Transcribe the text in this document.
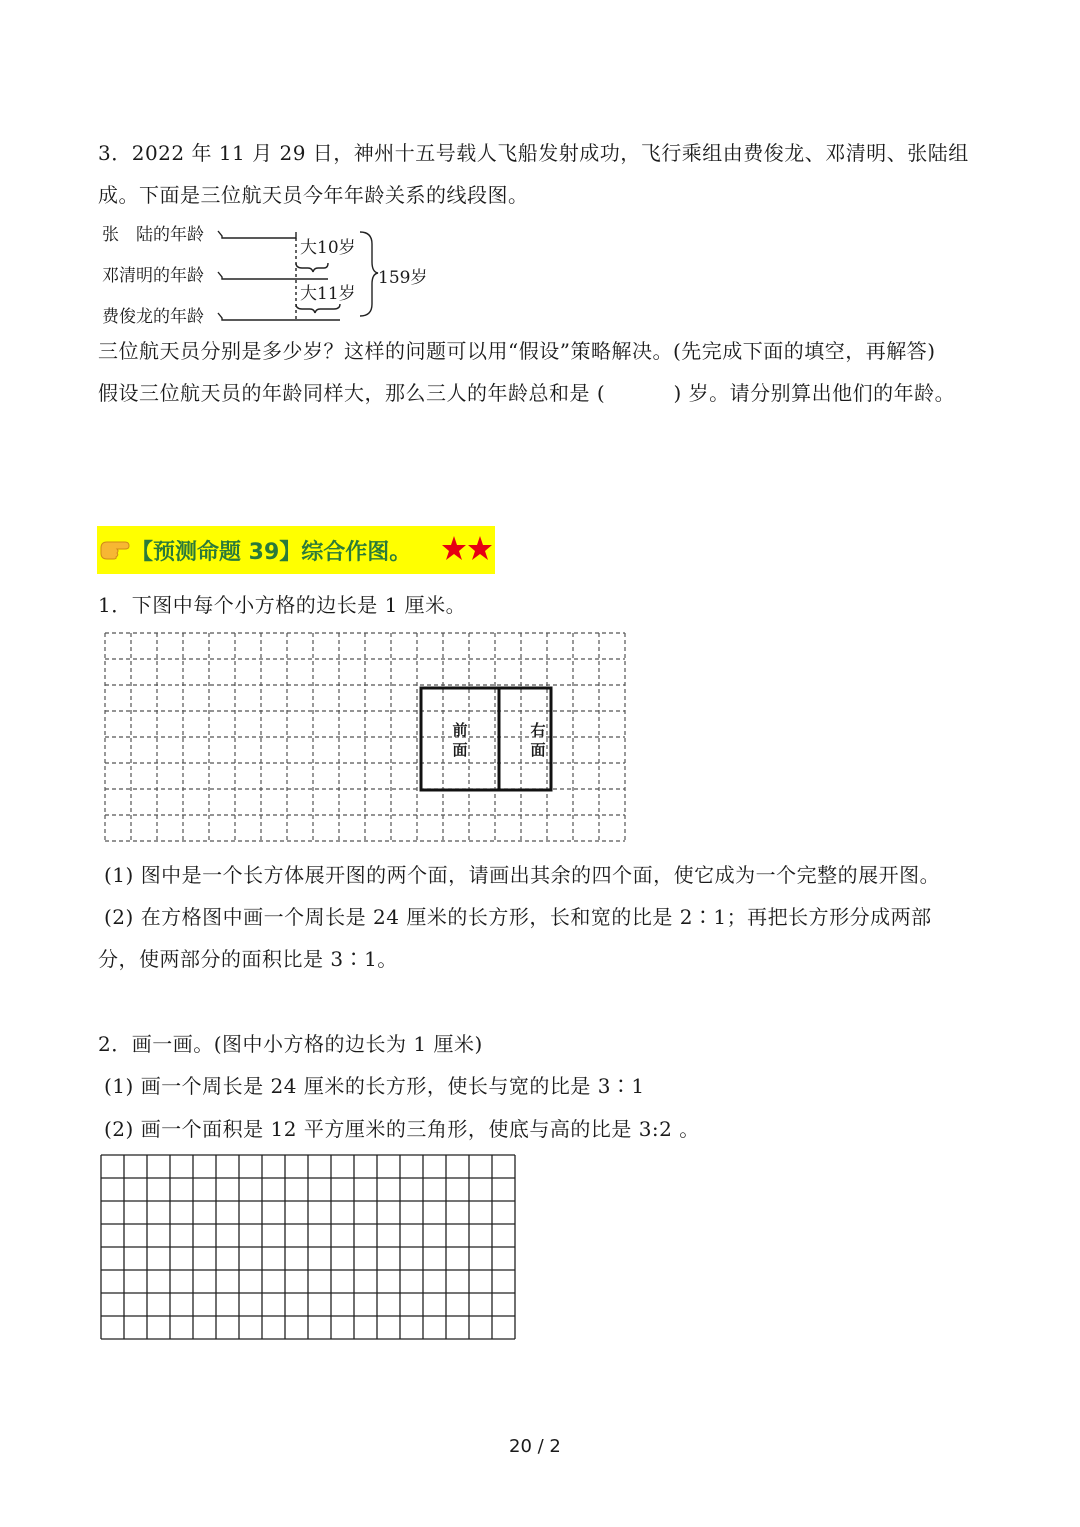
3．2022 年 11 月 29 日，神州十五号载人飞船发射成功，飞行乘组由费俊龙、邓清明、张陆组
成。下面是三位航天员今年年龄关系的线段图。
张　陆的年龄
邓清明的年龄
费俊龙的年龄
大10岁
大11岁
159岁
三位航天员分别是多少岁？这样的问题可以用“假设”策略解决。(先完成下面的填空，再解答)
假设三位航天员的年龄同样大，那么三人的年龄总和是 (　　　 ) 岁。请分别算出他们的年龄。
【预测命题 39】综合作图。
1．下图中每个小方格的边长是 1 厘米。
前
面
右
面
(1) 图中是一个长方体展开图的两个面，请画出其余的四个面，使它成为一个完整的展开图。
(2) 在方格图中画一个周长是 24 厘米的长方形，长和宽的比是 2∶1；再把长方形分成两部
分，使两部分的面积比是 3∶1。
2．画一画。(图中小方格的边长为 1 厘米)
(1) 画一个周长是 24 厘米的长方形，使长与宽的比是 3∶1
(2) 画一个面积是 12 平方厘米的三角形，使底与高的比是 3:2 。
20 / 2
